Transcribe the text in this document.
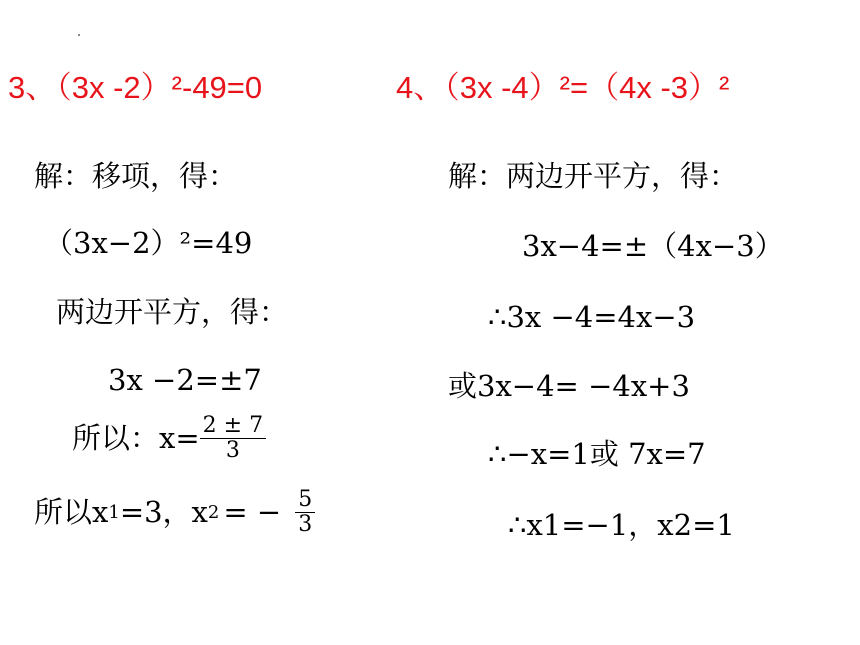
3、（3x -2）²-49=0	4、（3x -4）²=（4x -3）²
解：移项，得：
（3x−2）²=49
两边开平方，得：
3x −2=±7
所以：$x= \frac{2 \pm 7}{3}$
所以x 1 =3，x 2 = − $\frac{5}{3}$
解：两边开平方，得：
3x−4=±（4x−3）
∴3x −4=4x−3
或3x−4= −4x+3
∴−x=1或 7x=7
∴x1=−1，x2=1
